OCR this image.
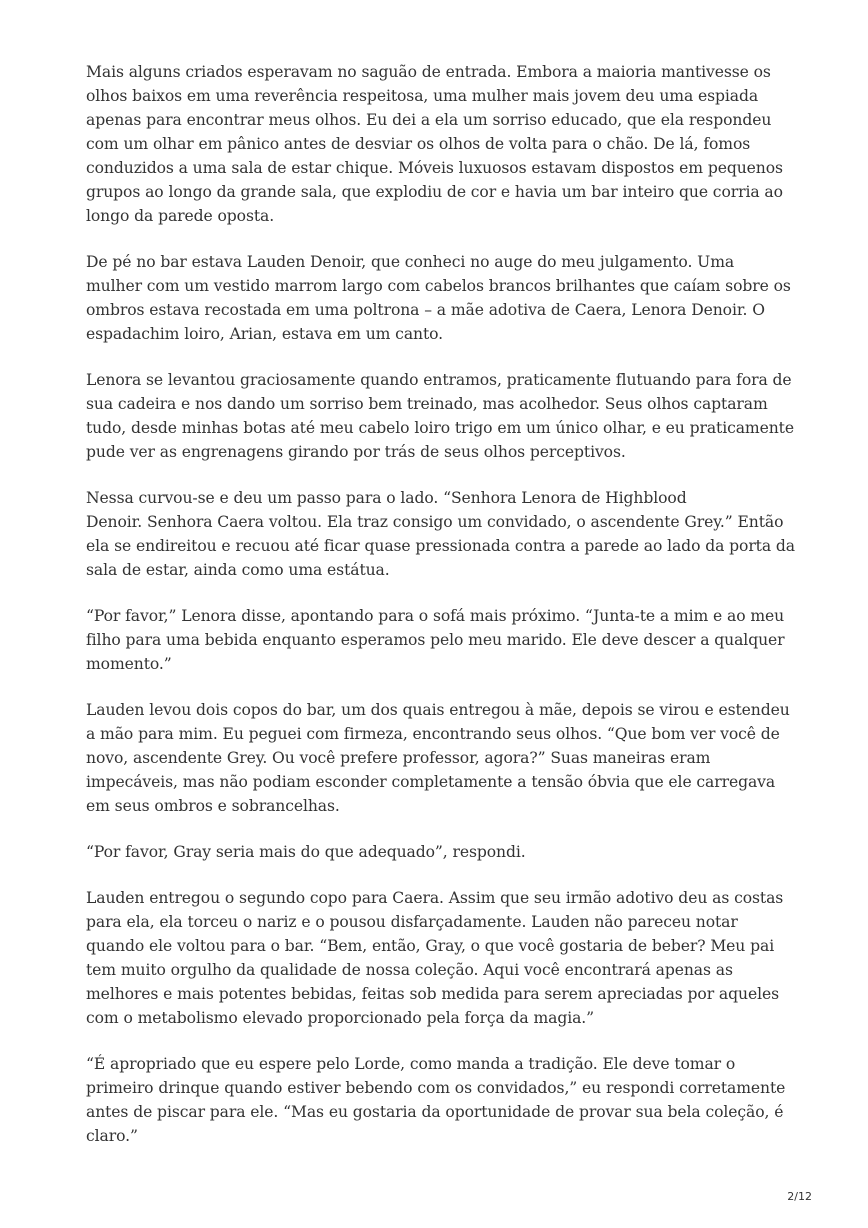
Mais alguns criados esperavam no saguão de entrada. Embora a maioria mantivesse os
olhos baixos em uma reverência respeitosa, uma mulher mais jovem deu uma espiada
apenas para encontrar meus olhos. Eu dei a ela um sorriso educado, que ela respondeu
com um olhar em pânico antes de desviar os olhos de volta para o chão. De lá, fomos
conduzidos a uma sala de estar chique. Móveis luxuosos estavam dispostos em pequenos
grupos ao longo da grande sala, que explodiu de cor e havia um bar inteiro que corria ao
longo da parede oposta.

De pé no bar estava Lauden Denoir, que conheci no auge do meu julgamento. Uma
mulher com um vestido marrom largo com cabelos brancos brilhantes que caíam sobre os
ombros estava recostada em uma poltrona – a mãe adotiva de Caera, Lenora Denoir. O
espadachim loiro, Arian, estava em um canto.

Lenora se levantou graciosamente quando entramos, praticamente flutuando para fora de
sua cadeira e nos dando um sorriso bem treinado, mas acolhedor. Seus olhos captaram
tudo, desde minhas botas até meu cabelo loiro trigo em um único olhar, e eu praticamente
pude ver as engrenagens girando por trás de seus olhos perceptivos.

Nessa curvou-se e deu um passo para o lado. “Senhora Lenora de Highblood
Denoir. Senhora Caera voltou. Ela traz consigo um convidado, o ascendente Grey.” Então
ela se endireitou e recuou até ficar quase pressionada contra a parede ao lado da porta da
sala de estar, ainda como uma estátua.

“Por favor,” Lenora disse, apontando para o sofá mais próximo. “Junta-te a mim e ao meu
filho para uma bebida enquanto esperamos pelo meu marido. Ele deve descer a qualquer
momento.”

Lauden levou dois copos do bar, um dos quais entregou à mãe, depois se virou e estendeu
a mão para mim. Eu peguei com firmeza, encontrando seus olhos. “Que bom ver você de
novo, ascendente Grey. Ou você prefere professor, agora?” Suas maneiras eram
impecáveis, mas não podiam esconder completamente a tensão óbvia que ele carregava
em seus ombros e sobrancelhas.

“Por favor, Gray seria mais do que adequado”, respondi.

Lauden entregou o segundo copo para Caera. Assim que seu irmão adotivo deu as costas
para ela, ela torceu o nariz e o pousou disfarçadamente. Lauden não pareceu notar
quando ele voltou para o bar. “Bem, então, Gray, o que você gostaria de beber? Meu pai
tem muito orgulho da qualidade de nossa coleção. Aqui você encontrará apenas as
melhores e mais potentes bebidas, feitas sob medida para serem apreciadas por aqueles
com o metabolismo elevado proporcionado pela força da magia.”

“É apropriado que eu espere pelo Lorde, como manda a tradição. Ele deve tomar o
primeiro drinque quando estiver bebendo com os convidados,” eu respondi corretamente
antes de piscar para ele. “Mas eu gostaria da oportunidade de provar sua bela coleção, é
claro.”

2/12
